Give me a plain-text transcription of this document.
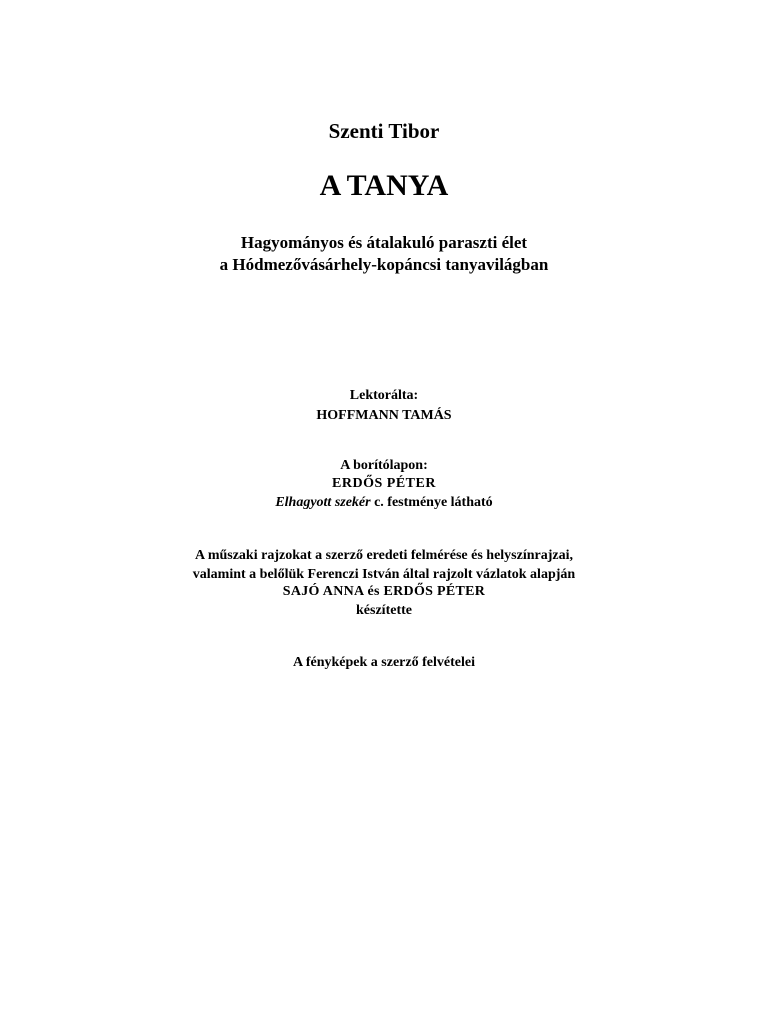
Szenti Tibor
A TANYA
Hagyományos és átalakuló paraszti élet
a Hódmezővásárhely-kopáncsi tanyavilágban
Lektorálta:
HOFFMANN TAMÁS
A borítólapon:
ERDŐS PÉTER
Elhagyott szekér c. festménye látható
A műszaki rajzokat a szerző eredeti felmérése és helyszínrajzai,
valamint a belőlük Ferenczi István által rajzolt vázlatok alapján
SAJÓ ANNA és ERDŐS PÉTER
készítette
A fényképek a szerző felvételei
